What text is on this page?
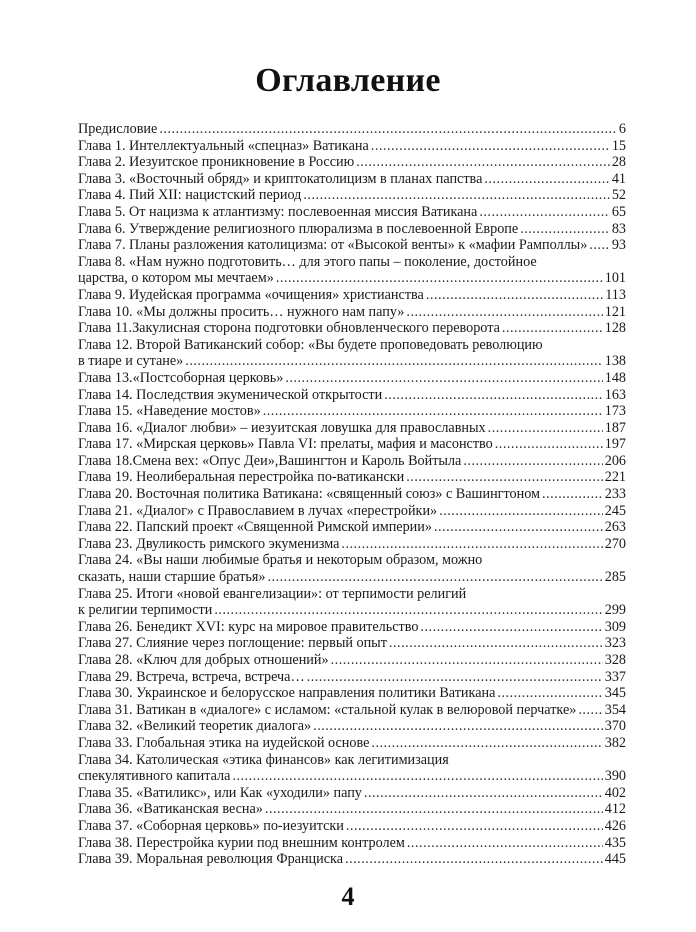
Оглавление
Предисловие .....	6
Глава 1. Интеллектуальный «спецназ» Ватикана .....	15
Глава 2. Иезуитское проникновение в Россию .....	28
Глава 3. «Восточный обряд» и криптокатолицизм в планах папства .....	41
Глава 4. Пий XII: нацистский период .....	52
Глава 5. От нацизма к атлантизму: послевоенная миссия Ватикана .....	65
Глава 6. Утверждение религиозного плюрализма в послевоенной Европе .....	83
Глава 7. Планы разложения католицизма: от «Высокой венты» к «мафии Рамполлы» ..... 93
Глава 8. «Нам нужно подготовить… для этого папы – поколение, достойное
царства, о котором мы мечтаем» .....	101
Глава 9. Иудейская программа «очищения» христианства .....	113
Глава 10. «Мы должны просить… нужного нам папу» .....	121
Глава 11.Закулисная сторона подготовки обновленческого переворота .....	128
Глава 12. Второй Ватиканский собор: «Вы будете проповедовать революцию
в тиаре и сутане» .....	138
Глава 13.«Постсоборная церковь» .....	148
Глава 14. Последствия экуменической открытости .....	163
Глава 15. «Наведение мостов» .....	173
Глава 16. «Диалог любви» – иезуитская ловушка для православных .....	187
Глава 17. «Мирская церковь» Павла VI: прелаты, мафия и масонство .....	197
Глава 18.Смена вех: «Опус Деи»,Вашингтон и Кароль Войтыла .....	206
Глава 19. Неолиберальная перестройка по-ватикански .....	221
Глава 20. Восточная политика Ватикана: «священный союз» с Вашингтоном .....	233
Глава 21. «Диалог» с Православием в лучах «перестройки» .....	245
Глава 22. Папский проект «Священной Римской империи» .....	263
Глава 23. Двуликость римского экуменизма .....	270
Глава 24. «Вы наши любимые братья и некоторым образом, можно
сказать, наши старшие братья» .....	285
Глава 25. Итоги «новой евангелизации»: от терпимости религий
к религии терпимости .....	299
Глава 26. Бенедикт XVI: курс на мировое правительство .....	309
Глава 27. Слияние через поглощение: первый опыт .....	323
Глава 28. «Ключ для добрых отношений» .....	328
Глава 29. Встреча, встреча, встреча… .....	337
Глава 30. Украинское и белорусское направления политики Ватикана .....	345
Глава 31. Ватикан в «диалоге» с исламом: «стальной кулак в велюровой перчатке» ..... 354
Глава 32. «Великий теоретик диалога» .....	370
Глава 33. Глобальная этика на иудейской основе .....	382
Глава 34. Католическая «этика финансов» как легитимизация
спекулятивного капитала .....	390
Глава 35. «Ватиликс», или Как «уходили» папу .....	402
Глава 36. «Ватиканская весна» .....	412
Глава 37. «Соборная церковь» по-иезуитски .....	426
Глава 38. Перестройка курии под внешним контролем .....	435
Глава 39. Моральная революция Франциска .....	445
4
